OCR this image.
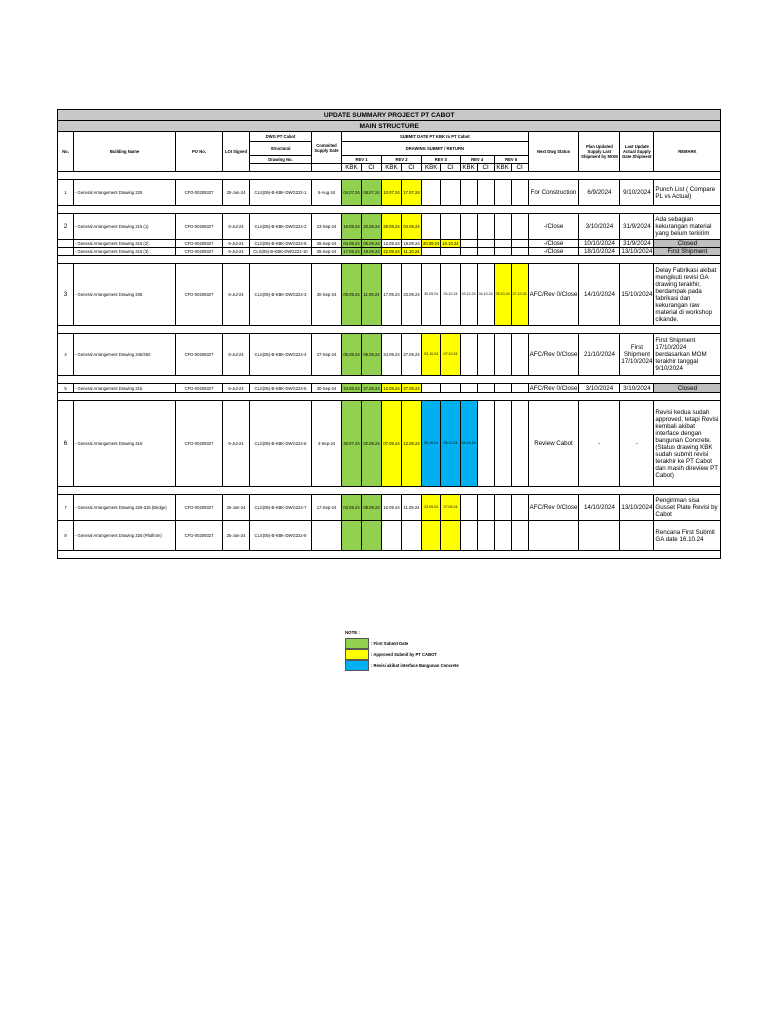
UPDATE SUMMARY PROJECT PT CABOT																			
MAIN STRUCTURE																			
No.	Building Name	PO No.	LOI Signed	DWG PT Cabot	Commited Supply Date	SUBMIT DATE PT KBK to PT Cabot										Next Dwg Status	Plan Updated Supply Last Shipment by MOM	Last Update Actual Supply Date Shipment	REMARK
				Structural		DRAWING SUBMIT / RETURN													
				Drawing No.		REV 1		REV 2		REV 3		REV 4		REV 5					
						KBK	CI	KBK	CI	KBK	CI	KBK	CI	KBK	CI				

1	- General Arrangement Drawing 325	CFO-00209327	25-Jun-24	CLS(05)-B-KBK-DWG222-1	5-Aug-24	04.07.24	08.07.24	10.07.24	17.07.24							For Construction	6/9/2024	9/10/2024	Punch List ( Compare PL vs Actual)

2	- General Arrangement Drawing 315 (1)	CFO-00209327	5-Jul-24	CLS(05)-B-KBK-DWG222-2	23-Sep-24	19.08.24	20.08.24	29.08.24	04.09.24							-/Close	3/10/2024	31/9/2024	Ada sebagian kekurangan material yang belum terkirim
	- General Arrangement Drawing 315 (2)	CFO-00209327	5-Jul-24	CLS(05)-B-KBK-DWG222-8	26-Sep-24	04.09.24	05.09.24	13.09.24	18.09.24	20.09.24	10.10.24					-/Close	10/10/2024	31/9/2024	Closed
	- General Arrangement Drawing 315 (3)	CFO-00209327	5-Jul-24	CLS(05)-B-KBK-DWG222-10	25-Sep-24	17.09.24	19.09.24	22.09.24	11.10.24							-/Close	18/10/2024	13/10/2024	First Shipment

3	- General Arrangement Drawing 335	CFO-00209327	5-Jul-24	CLS(05)-B-KBK-DWG222-3	30-Sep-24	09.09.24	11.09.24	17.09.24	23.09.24	30.09.24	03.10.24	03.10.24	04.10.24	05.10.24	07.10.24	AFC/Rev 0/Close	14/10/2024	15/10/2024	Delay Fabrikasi akibat mengikuti revisi GA drawing terakhir, berdampak pada fabrikasi dan kekurangan raw material di workshop cikande.

4	- General Arrangement Drawing 345/450	CFO-00209327	5-Jul-24	CLS(05)-B-KBK-DWG222-4	27-Sep-24	05.09.24	09.09.24	24.09.24	27.09.24	03.10.24	07.10.24					AFC/Rev 0/Close	21/10/2024	First Shipment 17/10/2024	First Shipment 17/10/2024 berdasarkan MOM terakhir tanggal 9/10/2024

5	- General Arrangement Drawing 315	CFO-00209327	5-Jul-24	CLS(05)-B-KBK-DWG222-5	30-Sep-24	23.08.24	27.08.24	13.09.24	27.09.24							AFC/Rev 0/Close	3/10/2024	3/10/2024	Closed

6	- General Arrangement Drawing 316	CFO-00209327	5-Jul-24	CLS(05)-B-KBK-DWG222-6	4-Sep-24	30.07.24	02.08.24	07.08.24	12.08.24	05.10.24	05.10.24	04.10.24				Review Cabot	-	-	Revisi kedua sudah approved, tetapi Revisi kembali akibat interface dengan bangunan Concrete. (Status drawing KBK sudah submit revisi terakhir ke PT Cabot dan masih direview PT Cabot)

7	- General Arrangement Drawing 325-315 (Bridge)	CFO-00209327	25-Jun-24	CLS(05)-B-KBK-DWG222-7	17-Sep-24	03.09.24	09.09.24	10.09.24	11.09.24	23.09.24	27.09.24					AFC/Rev 0/Close	14/10/2024	13/10/2024	Pengiriman sisa Gusset Plate Revisi by Cabot
8	- General Arrangement Drawing 325 (Platfrom)	CFO-00209327	25-Jun-24	CLS(05)-B-KBK-DWG222-8															Rencana First Submit GA date 16.10.24

NOTE :
: First Submit Date
: Approved Submit by PT CABOT
: Revisi akibat interface Bangunan Concrete
